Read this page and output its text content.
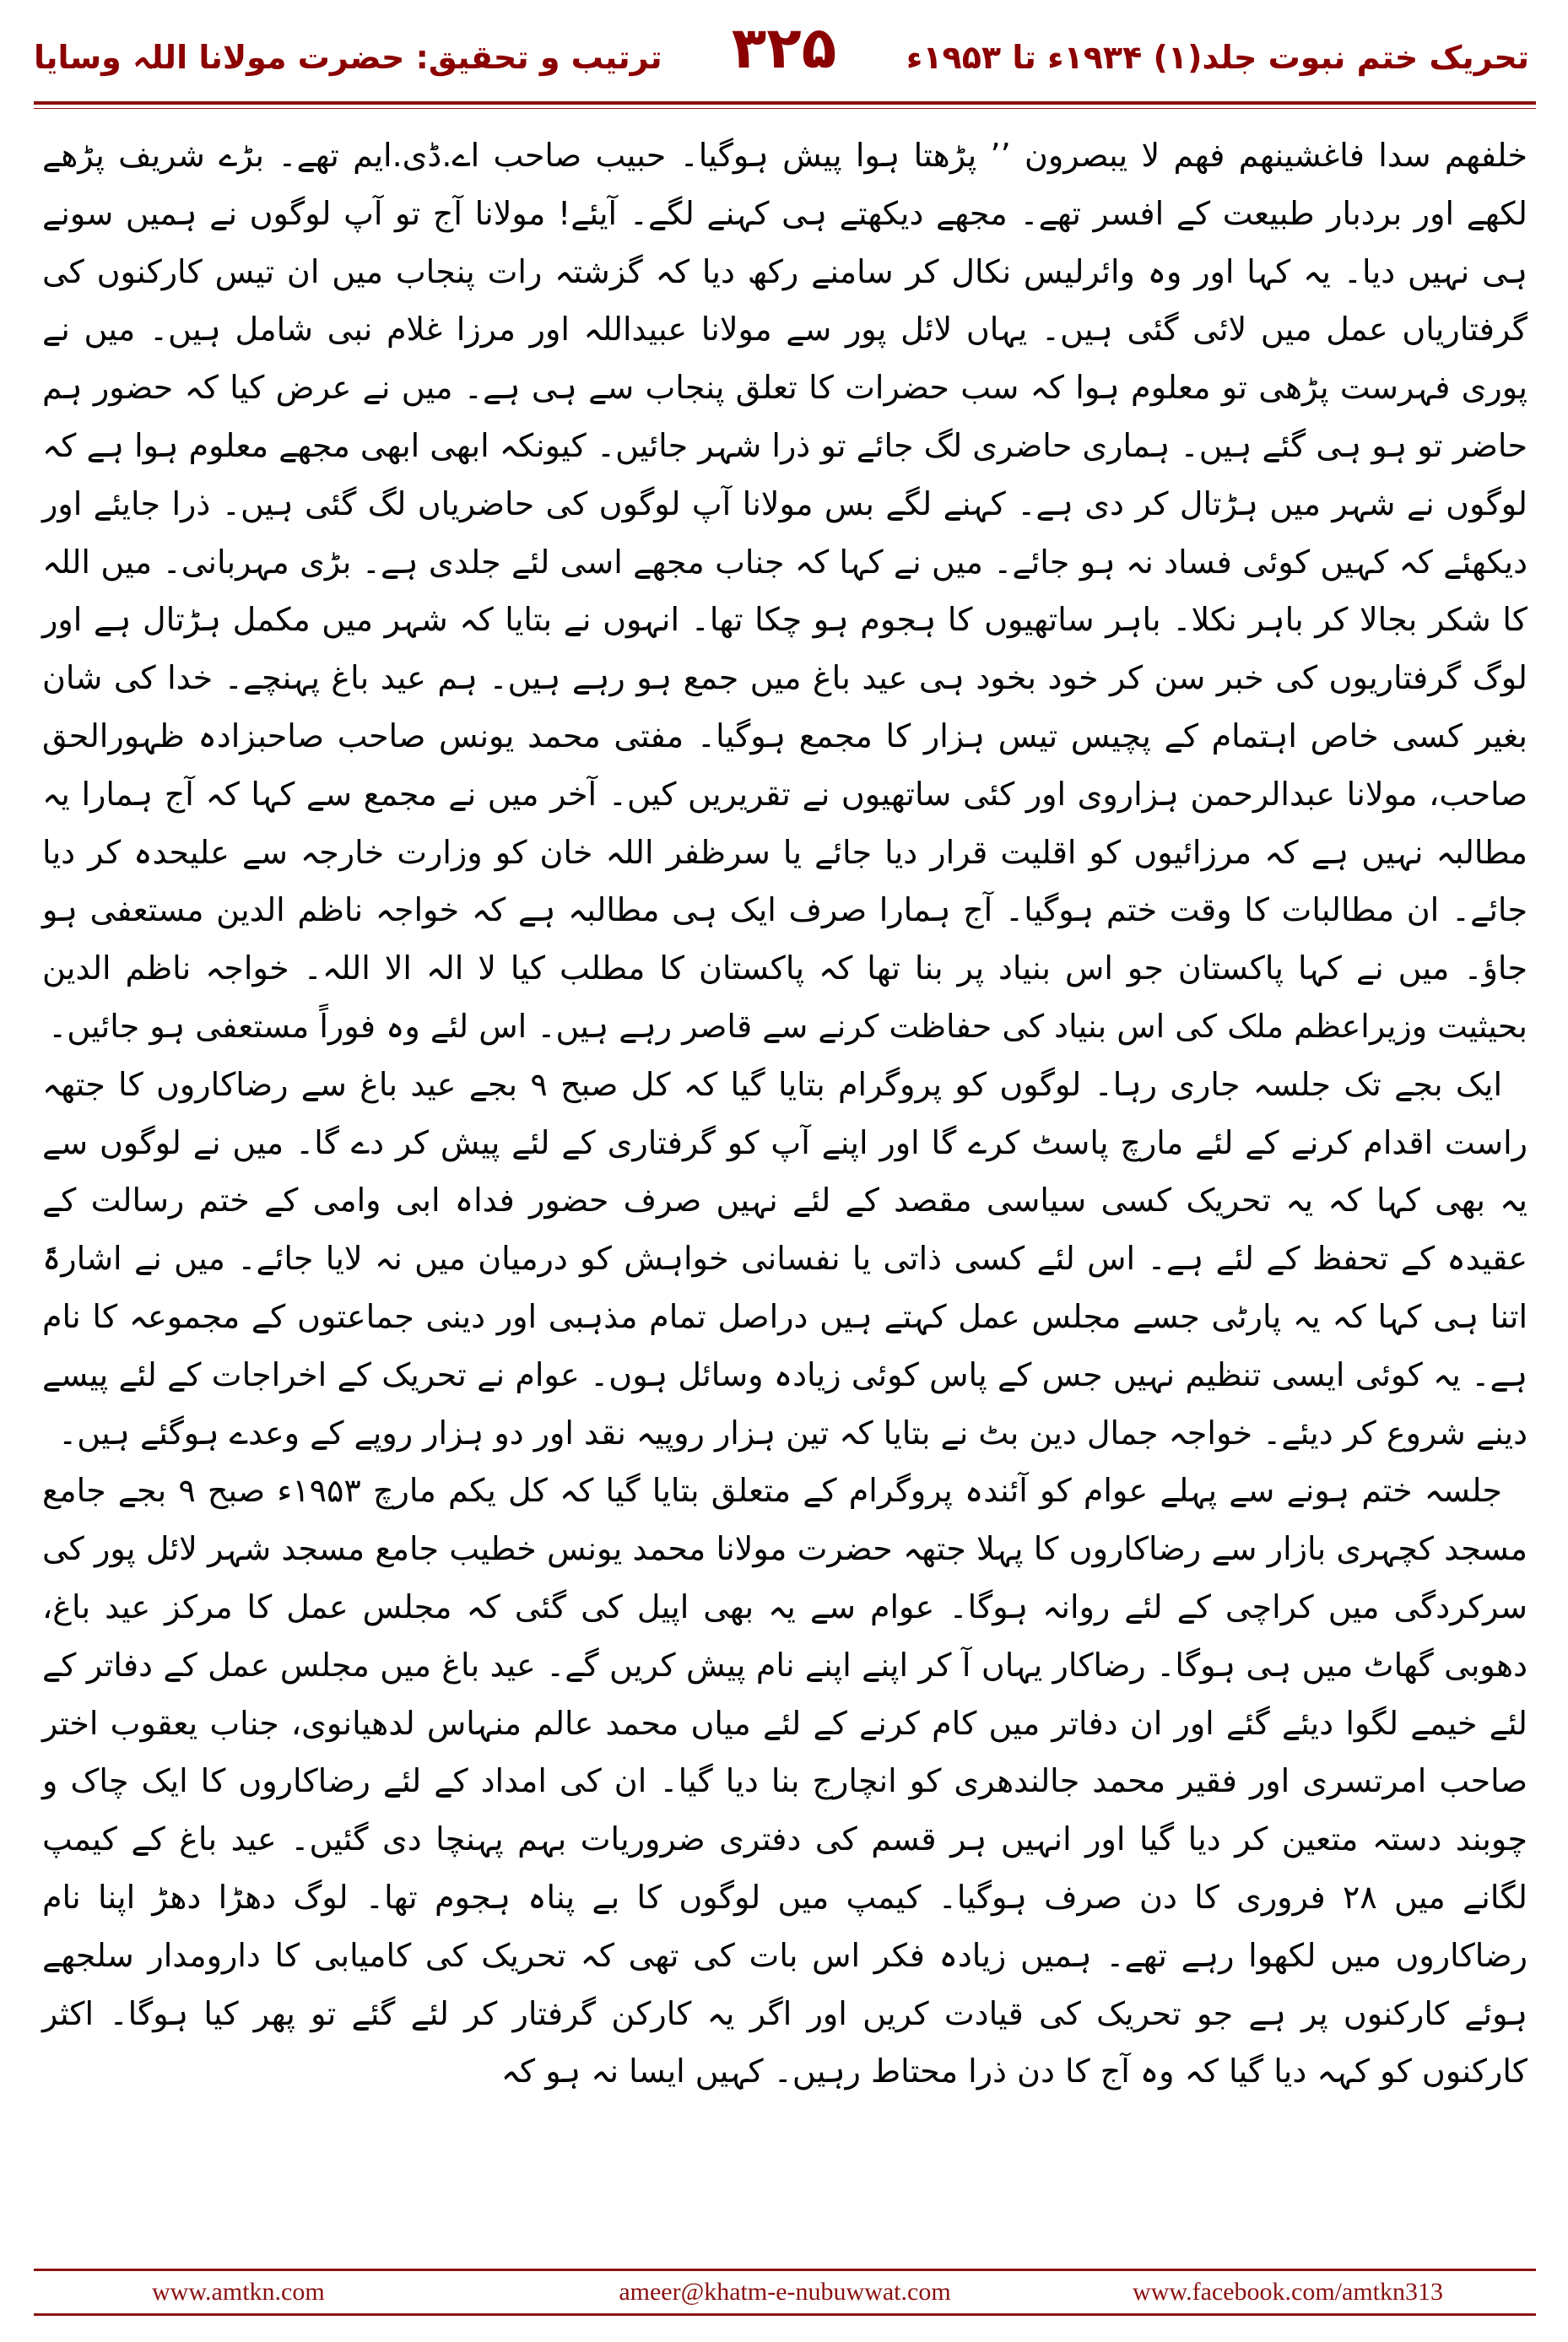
ترتیب و تحقیق: حضرت مولانا اللہ وسایا	۳۲۵	تحریک ختم نبوت جلد(۱) ۱۹۳۴ء تا ۱۹۵۳ء

خلفھم سدا فاغشینھم فھم لا یبصرون ’’ پڑھتا ہوا پیش ہوگیا۔ حبیب صاحب اے.ڈی.ایم تھے۔ بڑے شریف پڑھے لکھے اور بردبار طبیعت کے افسر تھے۔ مجھے دیکھتے ہی کہنے لگے۔ آیئے! مولانا آج تو آپ لوگوں نے ہمیں سونے ہی نہیں دیا۔ یہ کہا اور وہ وائرلیس نکال کر سامنے رکھ دیا کہ گزشتہ رات پنجاب میں ان تیس کارکنوں کی گرفتاریاں عمل میں لائی گئی ہیں۔ یہاں لائل پور سے مولانا عبیداللہ اور مرزا غلام نبی شامل ہیں۔ میں نے پوری فہرست پڑھی تو معلوم ہوا کہ سب حضرات کا تعلق پنجاب سے ہی ہے۔ میں نے عرض کیا کہ حضور ہم حاضر تو ہو ہی گئے ہیں۔ ہماری حاضری لگ جائے تو ذرا شہر جائیں۔ کیونکہ ابھی ابھی مجھے معلوم ہوا ہے کہ لوگوں نے شہر میں ہڑتال کر دی ہے۔ کہنے لگے بس مولانا آپ لوگوں کی حاضریاں لگ گئی ہیں۔ ذرا جایئے اور دیکھئے کہ کہیں کوئی فساد نہ ہو جائے۔ میں نے کہا کہ جناب مجھے اسی لئے جلدی ہے۔ بڑی مہربانی۔ میں اللہ کا شکر بجالا کر باہر نکلا۔ باہر ساتھیوں کا ہجوم ہو چکا تھا۔ انہوں نے بتایا کہ شہر میں مکمل ہڑتال ہے اور لوگ گرفتاریوں کی خبر سن کر خود بخود ہی عید باغ میں جمع ہو رہے ہیں۔ ہم عید باغ پہنچے۔ خدا کی شان بغیر کسی خاص اہتمام کے پچیس تیس ہزار کا مجمع ہوگیا۔ مفتی محمد یونس صاحب صاحبزادہ ظہورالحق صاحب، مولانا عبدالرحمن ہزاروی اور کئی ساتھیوں نے تقریریں کیں۔ آخر میں نے مجمع سے کہا کہ آج ہمارا یہ مطالبہ نہیں ہے کہ مرزائیوں کو اقلیت قرار دیا جائے یا سرظفر اللہ خان کو وزارت خارجہ سے علیحدہ کر دیا جائے۔ ان مطالبات کا وقت ختم ہوگیا۔ آج ہمارا صرف ایک ہی مطالبہ ہے کہ خواجہ ناظم الدین مستعفی ہو جاؤ۔ میں نے کہا پاکستان جو اس بنیاد پر بنا تھا کہ پاکستان کا مطلب کیا لا الہ الا اللہ۔ خواجہ ناظم الدین بحیثیت وزیراعظم ملک کی اس بنیاد کی حفاظت کرنے سے قاصر رہے ہیں۔ اس لئے وہ فوراً مستعفی ہو جائیں۔

ایک بجے تک جلسہ جاری رہا۔ لوگوں کو پروگرام بتایا گیا کہ کل صبح ۹ بجے عید باغ سے رضاکاروں کا جتھہ راست اقدام کرنے کے لئے مارچ پاسٹ کرے گا اور اپنے آپ کو گرفتاری کے لئے پیش کر دے گا۔ میں نے لوگوں سے یہ بھی کہا کہ یہ تحریک کسی سیاسی مقصد کے لئے نہیں صرف حضور فداہ ابی وامی کے ختم رسالت کے عقیدہ کے تحفظ کے لئے ہے۔ اس لئے کسی ذاتی یا نفسانی خواہش کو درمیان میں نہ لایا جائے۔ میں نے اشارۃً اتنا ہی کہا کہ یہ پارٹی جسے مجلس عمل کہتے ہیں دراصل تمام مذہبی اور دینی جماعتوں کے مجموعہ کا نام ہے۔ یہ کوئی ایسی تنظیم نہیں جس کے پاس کوئی زیادہ وسائل ہوں۔ عوام نے تحریک کے اخراجات کے لئے پیسے دینے شروع کر دیئے۔ خواجہ جمال دین بٹ نے بتایا کہ تین ہزار روپیہ نقد اور دو ہزار روپے کے وعدے ہوگئے ہیں۔

جلسہ ختم ہونے سے پہلے عوام کو آئندہ پروگرام کے متعلق بتایا گیا کہ کل یکم مارچ ۱۹۵۳ء صبح ۹ بجے جامع مسجد کچہری بازار سے رضاکاروں کا پہلا جتھہ حضرت مولانا محمد یونس خطیب جامع مسجد شہر لائل پور کی سرکردگی میں کراچی کے لئے روانہ ہوگا۔ عوام سے یہ بھی اپیل کی گئی کہ مجلس عمل کا مرکز عید باغ، دھوبی گھاٹ میں ہی ہوگا۔ رضاکار یہاں آ کر اپنے اپنے نام پیش کریں گے۔ عید باغ میں مجلس عمل کے دفاتر کے لئے خیمے لگوا دیئے گئے اور ان دفاتر میں کام کرنے کے لئے میاں محمد عالم منہاس لدھیانوی، جناب یعقوب اختر صاحب امرتسری اور فقیر محمد جالندھری کو انچارج بنا دیا گیا۔ ان کی امداد کے لئے رضاکاروں کا ایک چاک و چوبند دستہ متعین کر دیا گیا اور انہیں ہر قسم کی دفتری ضروریات بہم پہنچا دی گئیں۔ عید باغ کے کیمپ لگانے میں ۲۸ فروری کا دن صرف ہوگیا۔ کیمپ میں لوگوں کا بے پناہ ہجوم تھا۔ لوگ دھڑا دھڑ اپنا نام رضاکاروں میں لکھوا رہے تھے۔ ہمیں زیادہ فکر اس بات کی تھی کہ تحریک کی کامیابی کا دارومدار سلجھے ہوئے کارکنوں پر ہے جو تحریک کی قیادت کریں اور اگر یہ کارکن گرفتار کر لئے گئے تو پھر کیا ہوگا۔ اکثر کارکنوں کو کہہ دیا گیا کہ وہ آج کا دن ذرا محتاط رہیں۔ کہیں ایسا نہ ہو کہ

www.amtkn.com	ameer@khatm-e-nubuwwat.com	www.facebook.com/amtkn313
